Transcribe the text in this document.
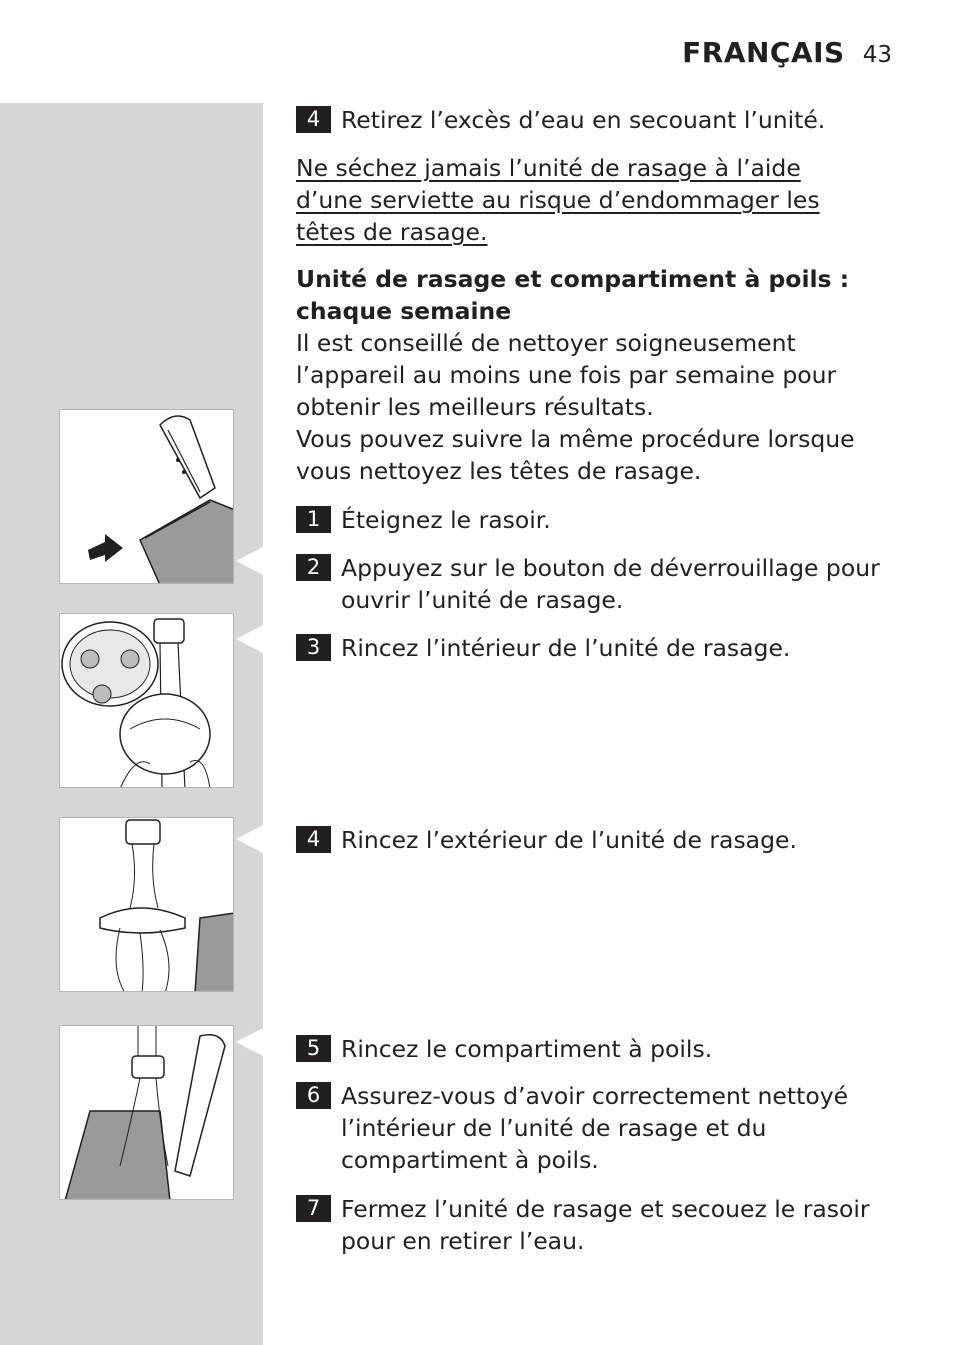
FRANÇAIS 43
4 Retirez l’excès d’eau en secouant l’unité.
Ne séchez jamais l’unité de rasage à l’aide d’une serviette au risque d’endommager les têtes de rasage.
Unité de rasage et compartiment à poils : chaque semaine
Il est conseillé de nettoyer soigneusement l’appareil au moins une fois par semaine pour obtenir les meilleurs résultats.
Vous pouvez suivre la même procédure lorsque vous nettoyez les têtes de rasage.
1 Éteignez le rasoir.
2 Appuyez sur le bouton de déverrouillage pour ouvrir l’unité de rasage.
3 Rincez l’intérieur de l’unité de rasage.
4 Rincez l’extérieur de l’unité de rasage.
5 Rincez le compartiment à poils.
6 Assurez-vous d’avoir correctement nettoyé l’intérieur de l’unité de rasage et du compartiment à poils.
7 Fermez l’unité de rasage et secouez le rasoir pour en retirer l’eau.
